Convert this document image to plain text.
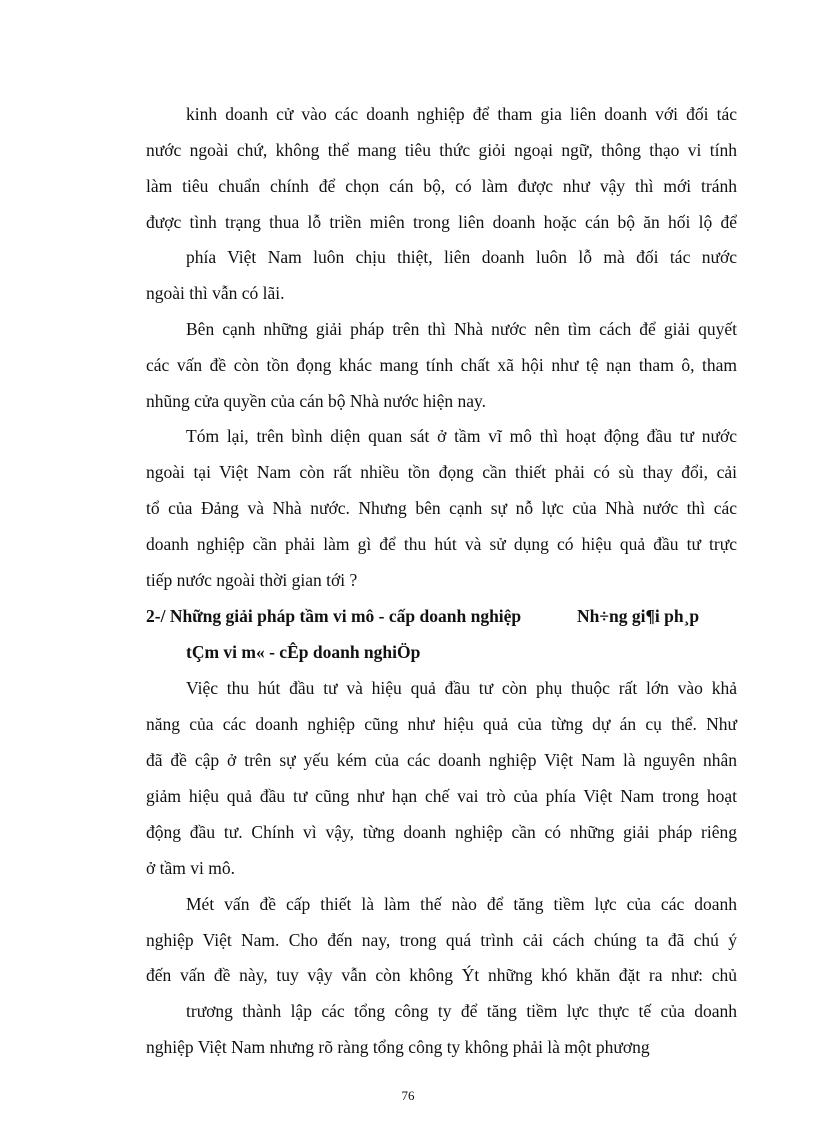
kinh doanh cử vào các doanh nghiệp để tham gia liên doanh với đối tác
nước ngoài chứ, không thể mang tiêu thức giỏi ngoại ngữ, thông thạo vi tính
làm tiêu chuẩn chính để chọn cán bộ, có làm được như vậy thì mới tránh
được tình trạng thua lỗ triền miên trong liên doanh hoặc cán bộ ăn hối lộ để
phía Việt Nam luôn chịu thiệt, liên doanh luôn lỗ mà đối tác nước
ngoài thì vẫn có lãi.
Bên cạnh những giải pháp trên thì Nhà nước nên tìm cách để giải quyết
các vấn đề còn tồn đọng khác mang tính chất xã hội như tệ nạn tham ô, tham
nhũng cửa quyền của cán bộ Nhà nước hiện nay.
Tóm lại, trên bình diện quan sát ở tầm vĩ mô thì hoạt động đầu tư nước
ngoài tại Việt Nam còn rất nhiều tồn đọng cần thiết phải có sù thay đổi, cải
tổ của Đảng và Nhà nước. Nhưng bên cạnh sự nỗ lực của Nhà nước thì các
doanh nghiệp cần phải làm gì để thu hút và sử dụng có hiệu quả đầu tư trực
tiếp nước ngoài thời gian tới ?
2-/ Những giải pháp tầm vi mô - cấp doanh nghiệp	Nh÷ng gi¶i ph¸p
tÇm vi m« - cÊp doanh nghiÖp
Việc thu hút đầu tư và hiệu quả đầu tư còn phụ thuộc rất lớn vào khả
năng của các doanh nghiệp cũng như hiệu quả của từng dự án cụ thể. Như
đã đề cập ở trên sự yếu kém của các doanh nghiệp Việt Nam là nguyên nhân
giảm hiệu quả đầu tư cũng như hạn chế vai trò của phía Việt Nam trong hoạt
động đầu tư. Chính vì vậy, từng doanh nghiệp cần có những giải pháp riêng
ở tầm vi mô.
Mét vấn đề cấp thiết là làm thế nào để tăng tiềm lực của các doanh
nghiệp Việt Nam. Cho đến nay, trong quá trình cải cách chúng ta đã chú ý
đến vấn đề này, tuy vậy vẫn còn không Ýt những khó khăn đặt ra như: chủ
trương thành lập các tổng công ty để tăng tiềm lực thực tế của doanh
nghiệp Việt Nam nhưng rõ ràng tổng công ty không phải là một phương
76
